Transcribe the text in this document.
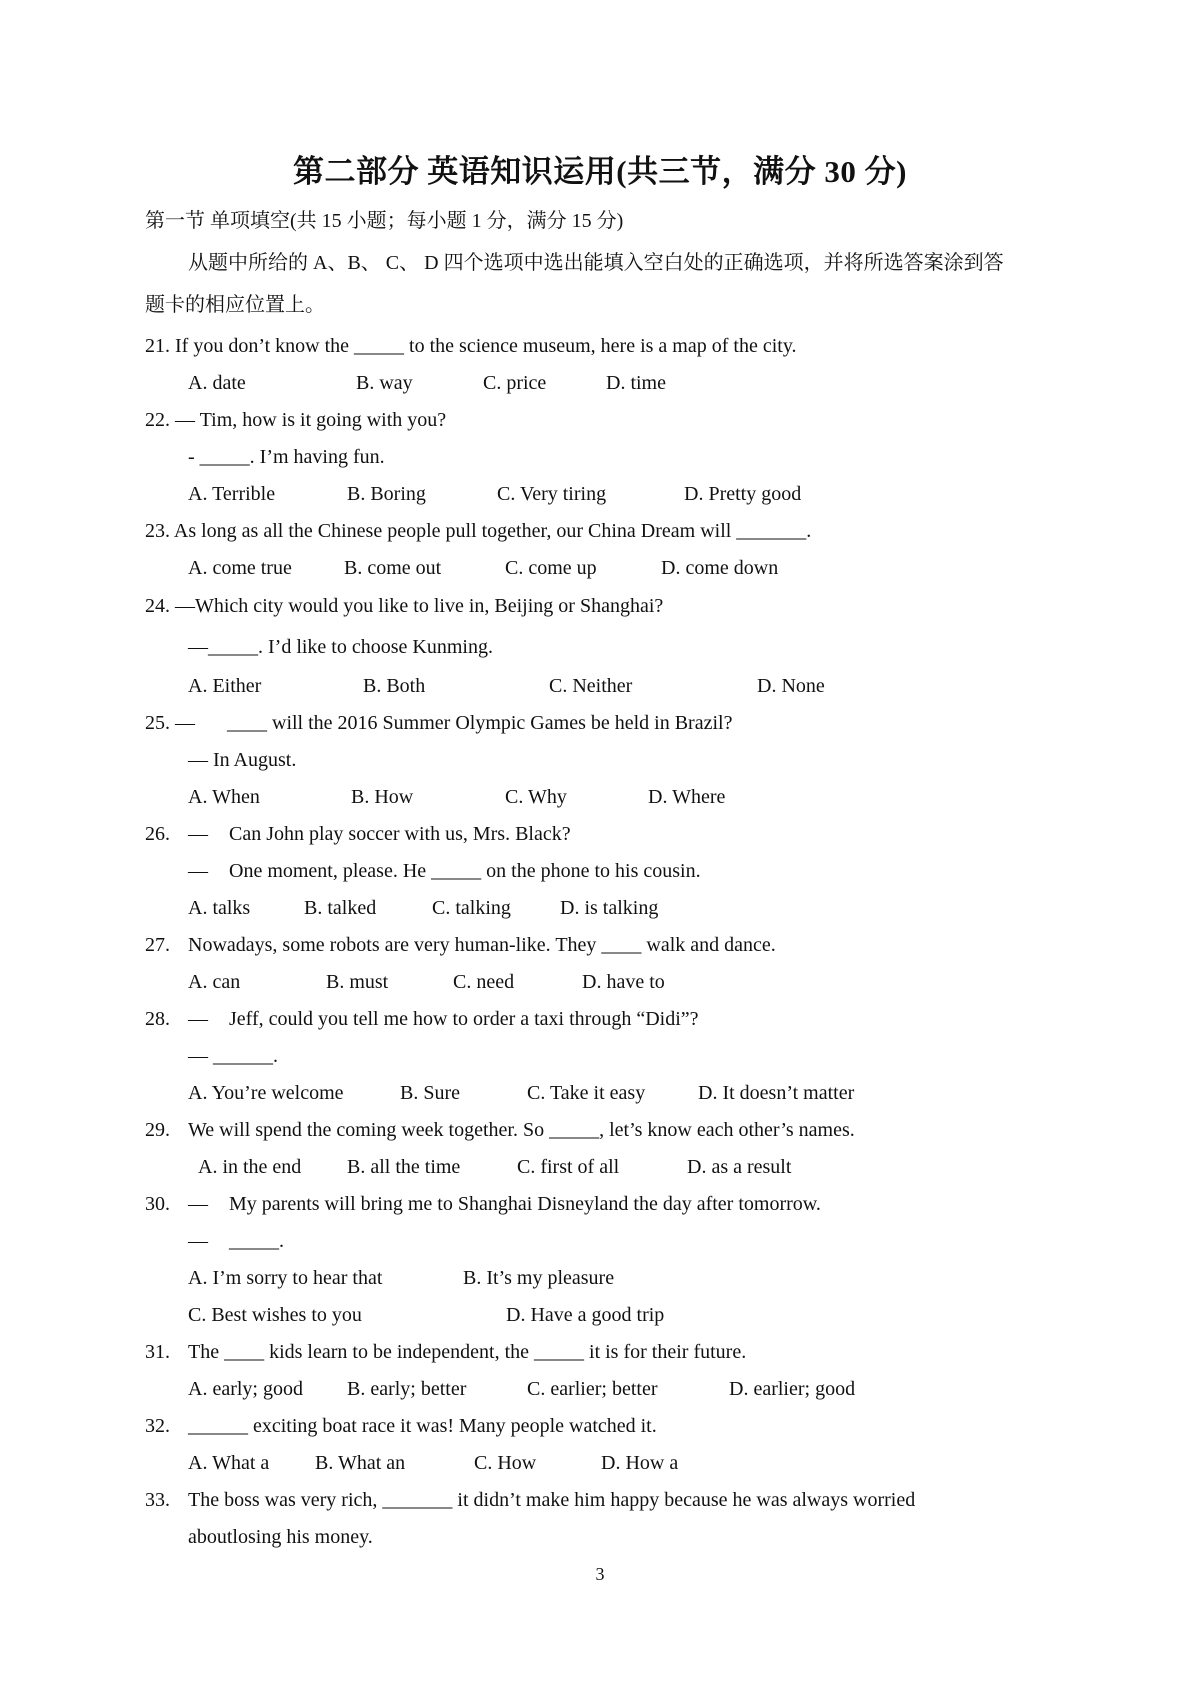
第二部分 英语知识运用(共三节，满分 30 分)
第一节 单项填空(共 15 小题；每小题 1 分，满分 15 分)
从题中所给的 A、B、 C、 D 四个选项中选出能填入空白处的正确选项，并将所选答案涂到答
题卡的相应位置上。
21. If you don’t know the _____ to the science museum, here is a map of the city.
A. date	B. way	C. price	D. time
22. — Tim, how is it going with you?
- _____. I’m having fun.
A. Terrible	B. Boring	C. Very tiring	D. Pretty good
23. As long as all the Chinese people pull together, our China Dream will _______.
A. come true	B. come out	C. come up	D. come down
24. —Which city would you like to live in, Beijing or Shanghai?
—_____. I’d like to choose Kunming.
A. Either	B. Both	C. Neither	D. None
25. — ____ will the 2016 Summer Olympic Games be held in Brazil?
— In August.
A. When	B. How	C. Why	D. Where
26. — Can John play soccer with us, Mrs. Black?
— One moment, please. He _____ on the phone to his cousin.
A. talks	B. talked	C. talking D. is talking
27. Nowadays, some robots are very human-like. They ____ walk and dance.
A. can	B. must	C. need	D. have to
28. — Jeff, could you tell me how to order a taxi through “Didi”?
— ______.
A. You’re welcome	B. Sure	C. Take it easy	D. It doesn’t matter
29. We will spend the coming week together. So _____, let’s know each other’s names.
A. in the end B. all the time	C. first of all	D. as a result
30. — My parents will bring me to Shanghai Disneyland the day after tomorrow.
— _____.
A. I’m sorry to hear that	B. It’s my pleasure
C. Best wishes to you	D. Have a good trip
31. The ____ kids learn to be independent, the _____ it is for their future.
A. early; good B. early; better	C. earlier; better	D. earlier; good
32. ______ exciting boat race it was! Many people watched it.
A. What a B. What an	C. How	D. How a
33. The boss was very rich, _______ it didn’t make him happy because he was always worried
aboutlosing his money.
3
